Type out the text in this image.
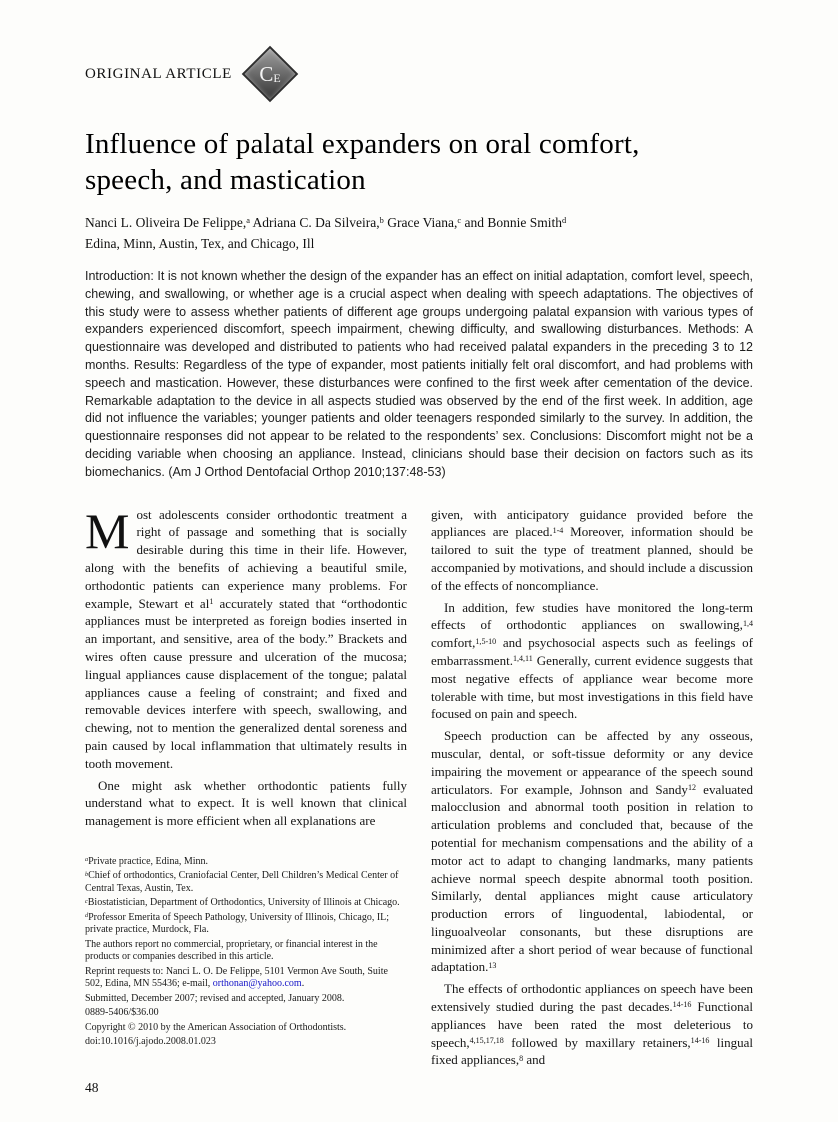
ORIGINAL ARTICLE C E
Influence of palatal expanders on oral comfort,
speech, and mastication
Nanci L. Oliveira De Felippe,$^a$ Adriana C. Da Silveira,$^b$ Grace Viana,$^c$ and Bonnie Smith$^d$
Edina, Minn, Austin, Tex, and Chicago, Ill

Introduction: It is not known whether the design of the expander has an effect on initial adaptation, comfort level, speech, chewing, and swallowing, or whether age is a crucial aspect when dealing with speech adaptations. The objectives of this study were to assess whether patients of different age groups undergoing palatal expansion with various types of expanders experienced discomfort, speech impairment, chewing difficulty, and swallowing disturbances. Methods: A questionnaire was developed and distributed to patients who had received palatal expanders in the preceding 3 to 12 months. Results: Regardless of the type of expander, most patients initially felt oral discomfort, and had problems with speech and mastication. However, these disturbances were confined to the first week after cementation of the device. Remarkable adaptation to the device in all aspects studied was observed by the end of the first week. In addition, age did not influence the variables; younger patients and older teenagers responded similarly to the survey. In addition, the questionnaire responses did not appear to be related to the respondents’ sex. Conclusions: Discomfort might not be a deciding variable when choosing an appliance. Instead, clinicians should base their decision on factors such as its biomechanics. (Am J Orthod Dentofacial Orthop 2010;137:48-53)

Most adolescents consider orthodontic treatment a right of passage and something that is socially desirable during this time in their life. However, along with the benefits of achieving a beautiful smile, orthodontic patients can experience many problems. For example, Stewart et $al^1$ accurately stated that “orthodontic appliances must be interpreted as foreign bodies inserted in an important, and sensitive, area of the body.” Brackets and wires often cause pressure and ulceration of the mucosa; lingual appliances cause displacement of the tongue; palatal appliances cause a feeling of constraint; and fixed and removable devices interfere with speech, swallowing, and chewing, not to mention the generalized dental soreness and pain caused by local inflammation that ultimately results in tooth movement.

One might ask whether orthodontic patients fully understand what to expect. It is well known that clinical management is more efficient when all explanations are

$^a$Private practice, Edina, Minn.

$^b$Chief of orthodontics, Craniofacial Center, Dell Children’s Medical Center of Central Texas, Austin, Tex.

$^c$Biostatistician, Department of Orthodontics, University of Illinois at Chicago.

$^d$Professor Emerita of Speech Pathology, University of Illinois, Chicago, IL; private practice, Murdock, Fla.

The authors report no commercial, proprietary, or financial interest in the products or companies described in this article.

Reprint requests to: Nanci L. O. De Felippe, 5101 Vermon Ave South, Suite 502, Edina, MN 55436; e-mail, orthonan@yahoo.com.

Submitted, December 2007; revised and accepted, January 2008.

0889-5406/$36.00

Copyright © 2010 by the American Association of Orthodontists.

doi:10.1016/j.ajodo.2008.01.023

given, with anticipatory guidance provided before the appliances are placed.$^{1-4}$ Moreover, information should be tailored to suit the type of treatment planned, should be accompanied by motivations, and should include a discussion of the effects of noncompliance.

In addition, few studies have monitored the long-term effects of orthodontic appliances on swallowing,$^{1,4}$ comfort,$^{1,5-10}$ and psychosocial aspects such as feelings of embarrassment.$^{1,4,11}$ Generally, current evidence suggests that most negative effects of appliance wear become more tolerable with time, but most investigations in this field have focused on pain and speech.

Speech production can be affected by any osseous, muscular, dental, or soft-tissue deformity or any device impairing the movement or appearance of the speech sound articulators. For example, Johnson and Sandy$^{12}$ evaluated malocclusion and abnormal tooth position in relation to articulation problems and concluded that, because of the potential for mechanism compensations and the ability of a motor act to adapt to changing landmarks, many patients achieve normal speech despite abnormal tooth position. Similarly, dental appliances might cause articulatory production errors of linguodental, labiodental, or linguoalveolar consonants, but these disruptions are minimized after a short period of wear because of functional adaptation.$^{13}$

The effects of orthodontic appliances on speech have been extensively studied during the past decades.$^{14-16}$ Functional appliances have been rated the most deleterious to speech,$^{4,15,17,18}$ followed by maxillary retainers,$^{14-16}$ lingual fixed appliances,$^8$ and

48
